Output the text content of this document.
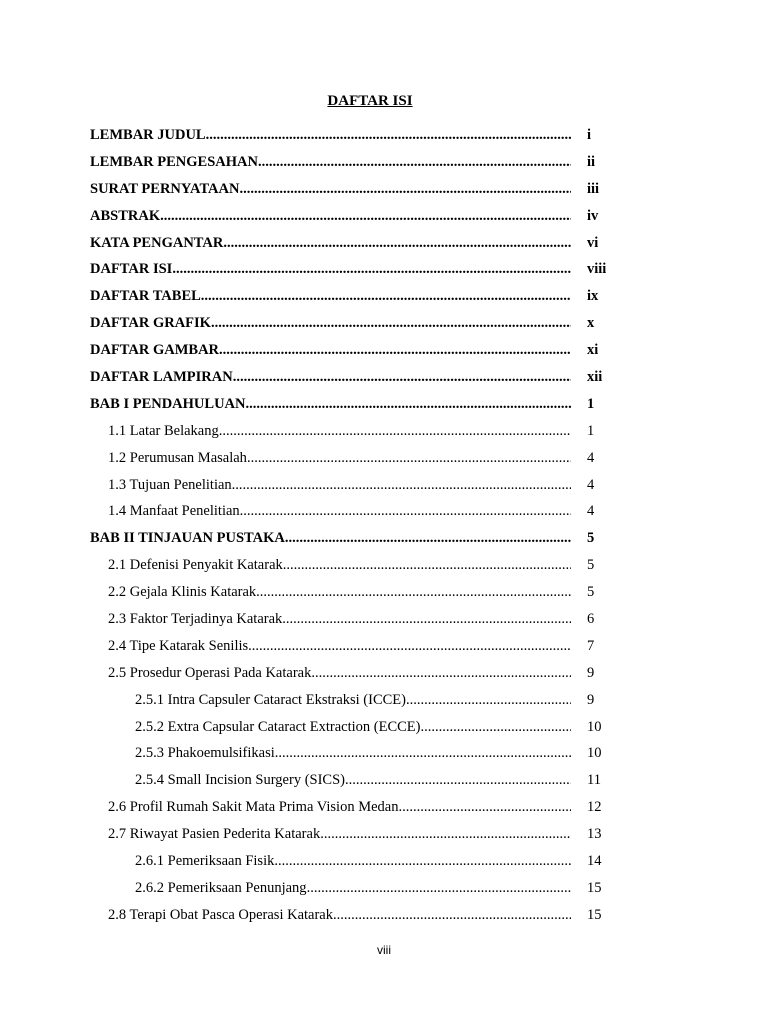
DAFTAR ISI
LEMBAR JUDUL .....	i
LEMBAR PENGESAHAN .....	ii
SURAT PERNYATAAN .....	iii
ABSTRAK .....	iv
KATA PENGANTAR .....	vi
DAFTAR ISI .....	viii
DAFTAR TABEL .....	ix
DAFTAR GRAFIK .....	x
DAFTAR GAMBAR .....	xi
DAFTAR LAMPIRAN .....	xii
BAB I PENDAHULUAN .....	1
1.1 Latar Belakang .....	1
1.2 Perumusan Masalah .....	4
1.3 Tujuan Penelitian .....	4
1.4 Manfaat Penelitian .....	4
BAB II TINJAUAN PUSTAKA .....	5
2.1 Defenisi Penyakit Katarak .....	5
2.2 Gejala Klinis Katarak .....	5
2.3 Faktor Terjadinya Katarak .....	6
2.4 Tipe Katarak Senilis .....	7
2.5 Prosedur Operasi Pada Katarak .....	9
2.5.1 Intra Capsuler Cataract Ekstraksi (ICCE) .....	9
2.5.2 Extra Capsular Cataract Extraction (ECCE) .....	10
2.5.3 Phakoemulsifikasi .....	10
2.5.4 Small Incision Surgery (SICS) .....	11
2.6 Profil Rumah Sakit Mata Prima Vision Medan .....	12
2.7 Riwayat Pasien Pederita Katarak .....	13
2.6.1 Pemeriksaan Fisik .....	14
2.6.2 Pemeriksaan Penunjang .....	15
2.8 Terapi Obat Pasca Operasi Katarak .....	15
viii
